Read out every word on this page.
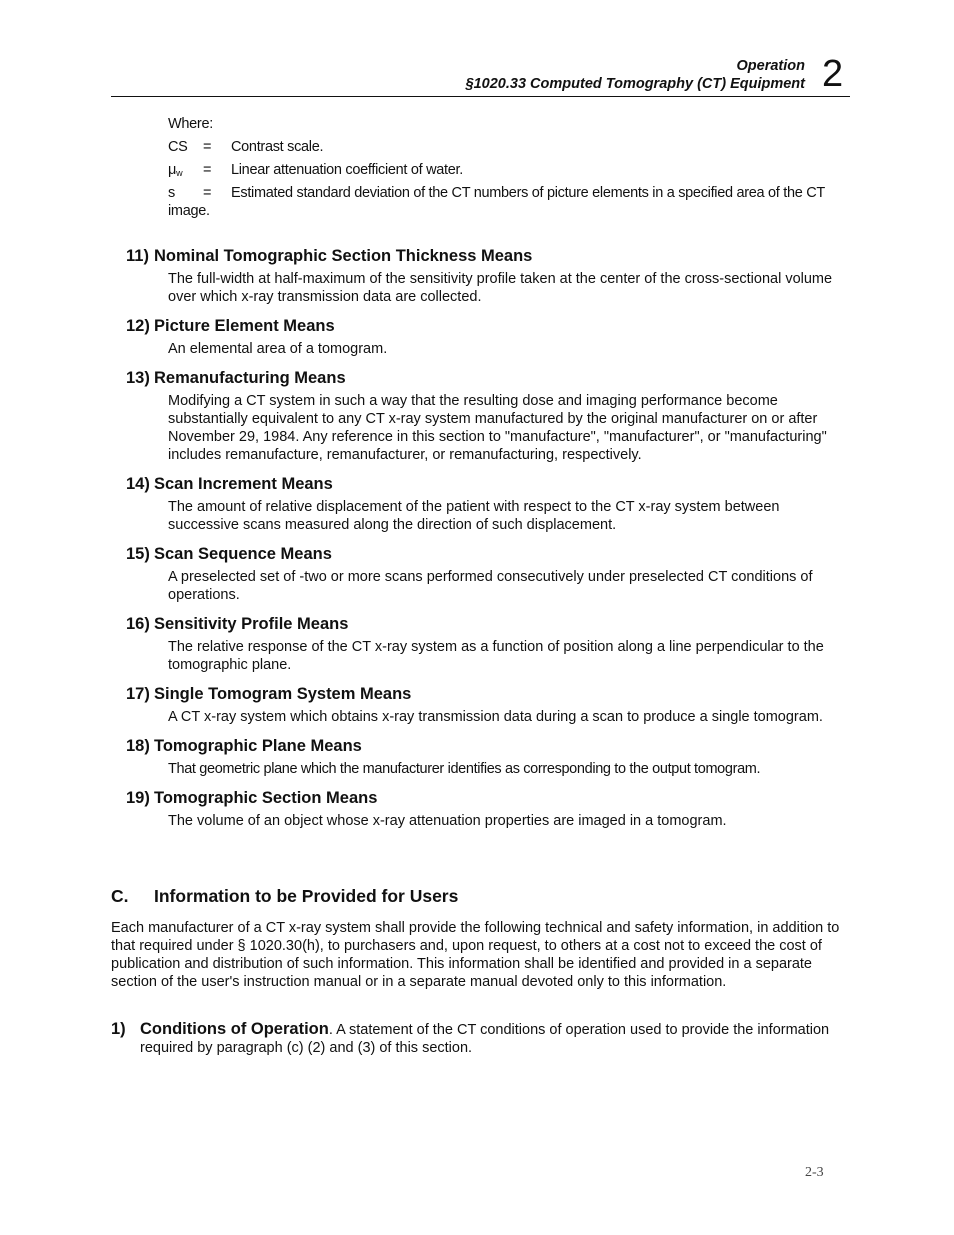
Operation
§1020.33 Computed Tomography (CT) Equipment 2
Where:
CS =	Contrast scale.
$\mu_w$ =	Linear attenuation coefficient of water.
s =	Estimated standard deviation of the CT numbers of picture elements in a specified area of the CT image.
11) Nominal Tomographic Section Thickness Means
The full-width at half-maximum of the sensitivity profile taken at the center of the cross-sectional volume over which x-ray transmission data are collected.
12) Picture Element Means
An elemental area of a tomogram.
13) Remanufacturing Means
Modifying a CT system in such a way that the resulting dose and imaging performance become substantially equivalent to any CT x-ray system manufactured by the original manufacturer on or after November 29, 1984. Any reference in this section to "manufacture", "manufacturer", or "manufacturing" includes remanufacture, remanufacturer, or remanufacturing, respectively.
14) Scan Increment Means
The amount of relative displacement of the patient with respect to the CT x-ray system between successive scans measured along the direction of such displacement.
15) Scan Sequence Means
A preselected set of -two or more scans performed consecutively under preselected CT conditions of operations.
16) Sensitivity Profile Means
The relative response of the CT x-ray system as a function of position along a line perpendicular to the tomographic plane.
17) Single Tomogram System Means
A CT x-ray system which obtains x-ray transmission data during a scan to produce a single tomogram.
18) Tomographic Plane Means
That geometric plane which the manufacturer identifies as corresponding to the output tomogram.
19) Tomographic Section Means
The volume of an object whose x-ray attenuation properties are imaged in a tomogram.
C. Information to be Provided for Users
Each manufacturer of a CT x-ray system shall provide the following technical and safety information, in addition to that required under § 1020.30(h), to purchasers and, upon request, to others at a cost not to exceed the cost of publication and distribution of such information. This information shall be identified and provided in a separate section of the user's instruction manual or in a separate manual devoted only to this information.
1) Conditions of Operation. A statement of the CT conditions of operation used to provide the information required by paragraph (c) (2) and (3) of this section.
2-3
